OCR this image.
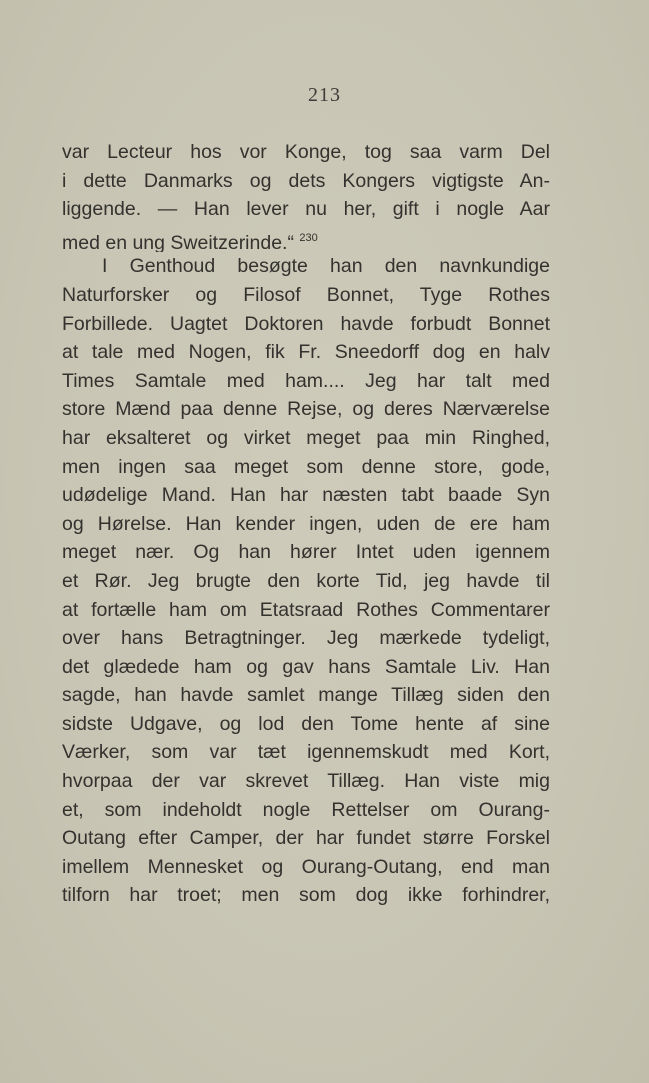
213
var Lecteur hos vor Konge, tog saa varm Del
i dette Danmarks og dets Kongers vigtigste An-
liggende. — Han lever nu her, gift i nogle Aar
med en ung Sweitzerinde.“ $^{230}$
I Genthoud besøgte han den navnkundige
Naturforsker og Filosof Bonnet, Tyge Rothes
Forbillede. Uagtet Doktoren havde forbudt Bonnet
at tale med Nogen, fik Fr. Sneedorff dog en halv
Times Samtale med ham.... Jeg har talt med
store Mænd paa denne Rejse, og deres Nærværelse
har eksalteret og virket meget paa min Ringhed,
men ingen saa meget som denne store, gode,
udødelige Mand. Han har næsten tabt baade Syn
og Hørelse. Han kender ingen, uden de ere ham
meget nær. Og han hører Intet uden igennem
et Rør. Jeg brugte den korte Tid, jeg havde til
at fortælle ham om Etatsraad Rothes Commentarer
over hans Betragtninger. Jeg mærkede tydeligt,
det glædede ham og gav hans Samtale Liv. Han
sagde, han havde samlet mange Tillæg siden den
sidste Udgave, og lod den Tome hente af sine
Værker, som var tæt igennemskudt med Kort,
hvorpaa der var skrevet Tillæg. Han viste mig
et, som indeholdt nogle Rettelser om Ourang-
Outang efter Camper, der har fundet større Forskel
imellem Mennesket og Ourang-Outang, end man
tilforn har troet; men som dog ikke forhindrer,
